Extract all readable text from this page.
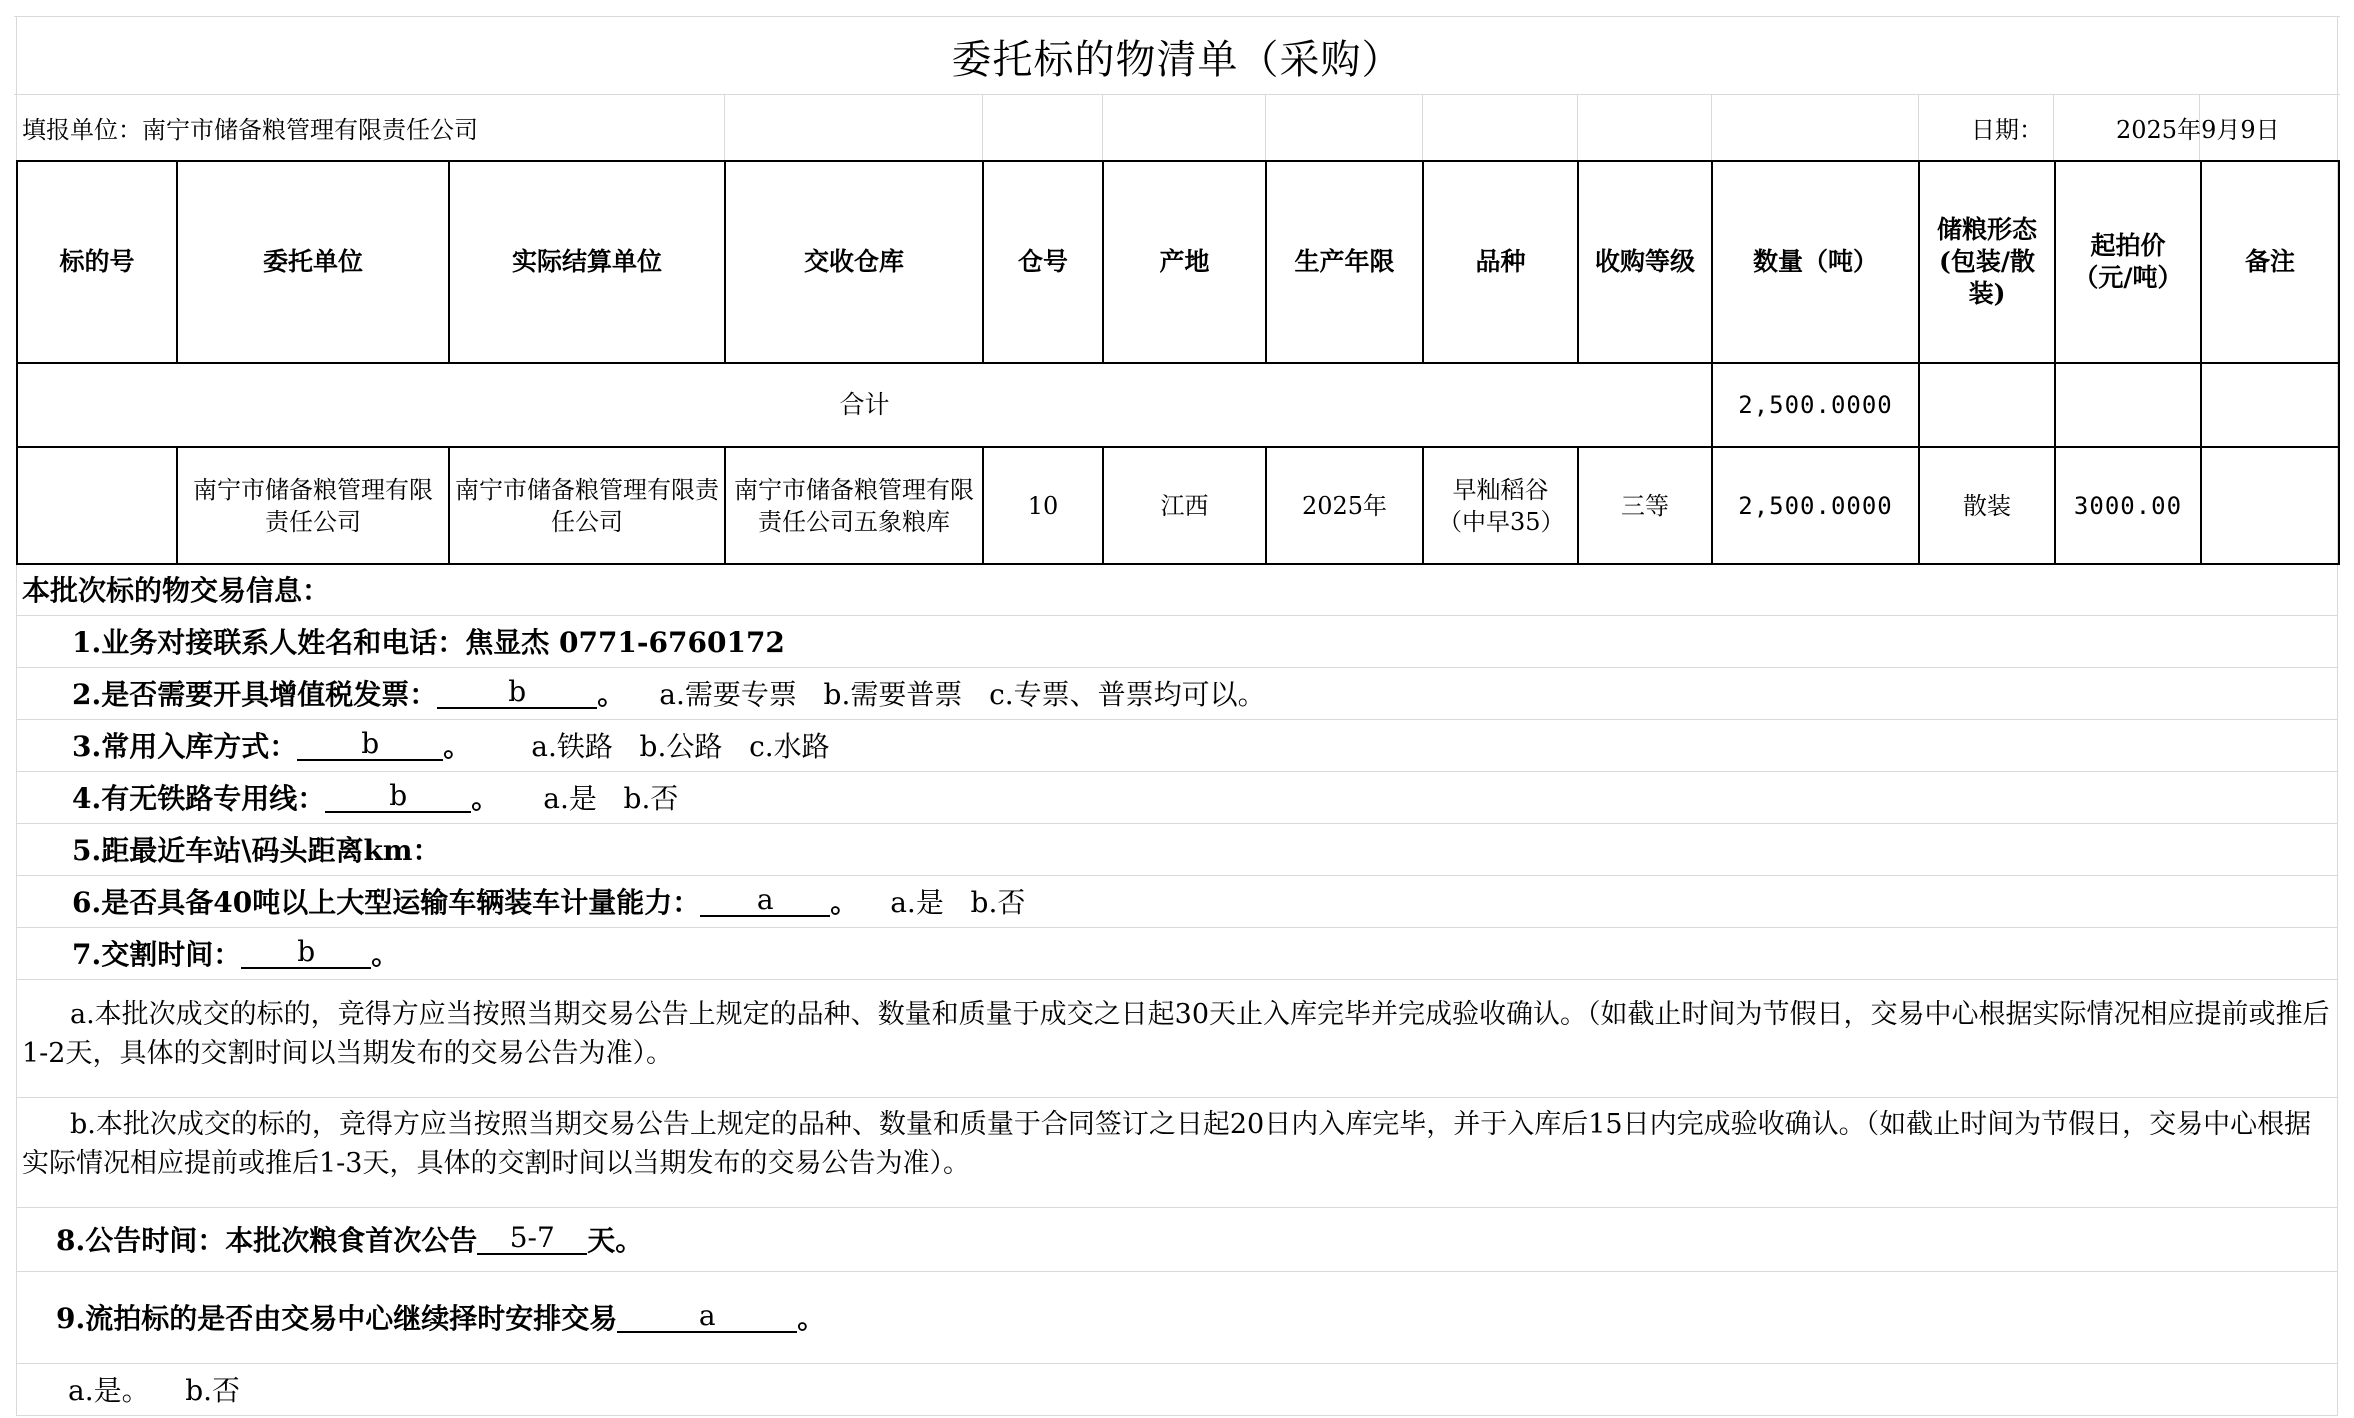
委托标的物清单（采购）
填报单位：南宁市储备粮管理有限责任公司	日期：	2025年9月9日
标的号	委托单位	实际结算单位	交收仓库	仓号	产地	生产年限	品种	收购等级	数量（吨）	储粮形态(包装/散装)	起拍价（元/吨）	备注
合计									2,500.0000			
	南宁市储备粮管理有限责任公司	南宁市储备粮管理有限责任公司	南宁市储备粮管理有限责任公司五象粮库	10	江西	2025年	早籼稻谷（中早35）	三等	2,500.0000	散装	3000.00	
本批次标的物交易信息：
1.业务对接联系人姓名和电话：焦显杰 0771-6760172
2.是否需要开具增值税发票：	b	。 a.需要专票   b.需要普票   c.专票、普票均可以。
3.常用入库方式：	b	。 a.铁路   b.公路   c.水路
4.有无铁路专用线：	b	。 a.是   b.否
5.距最近车站\码头距离km：
6.是否具备40吨以上大型运输车辆装车计量能力：	a	。 a.是   b.否
7.交割时间：	b	。
a.本批次成交的标的，竞得方应当按照当期交易公告上规定的品种、数量和质量于成交之日起30天止入库完毕并完成验收确认。（如截止时间为节假日，交易中心根据实际情况相应提前或推后1-2天，具体的交割时间以当期发布的交易公告为准）。
b.本批次成交的标的，竞得方应当按照当期交易公告上规定的品种、数量和质量于合同签订之日起20日内入库完毕，并于入库后15日内完成验收确认。（如截止时间为节假日，交易中心根据实际情况相应提前或推后1-3天，具体的交割时间以当期发布的交易公告为准）。
8.公告时间：本批次粮食首次公告	5-7	天。
9.流拍标的是否由交易中心继续择时安排交易	a	。
a.是。    b.否
